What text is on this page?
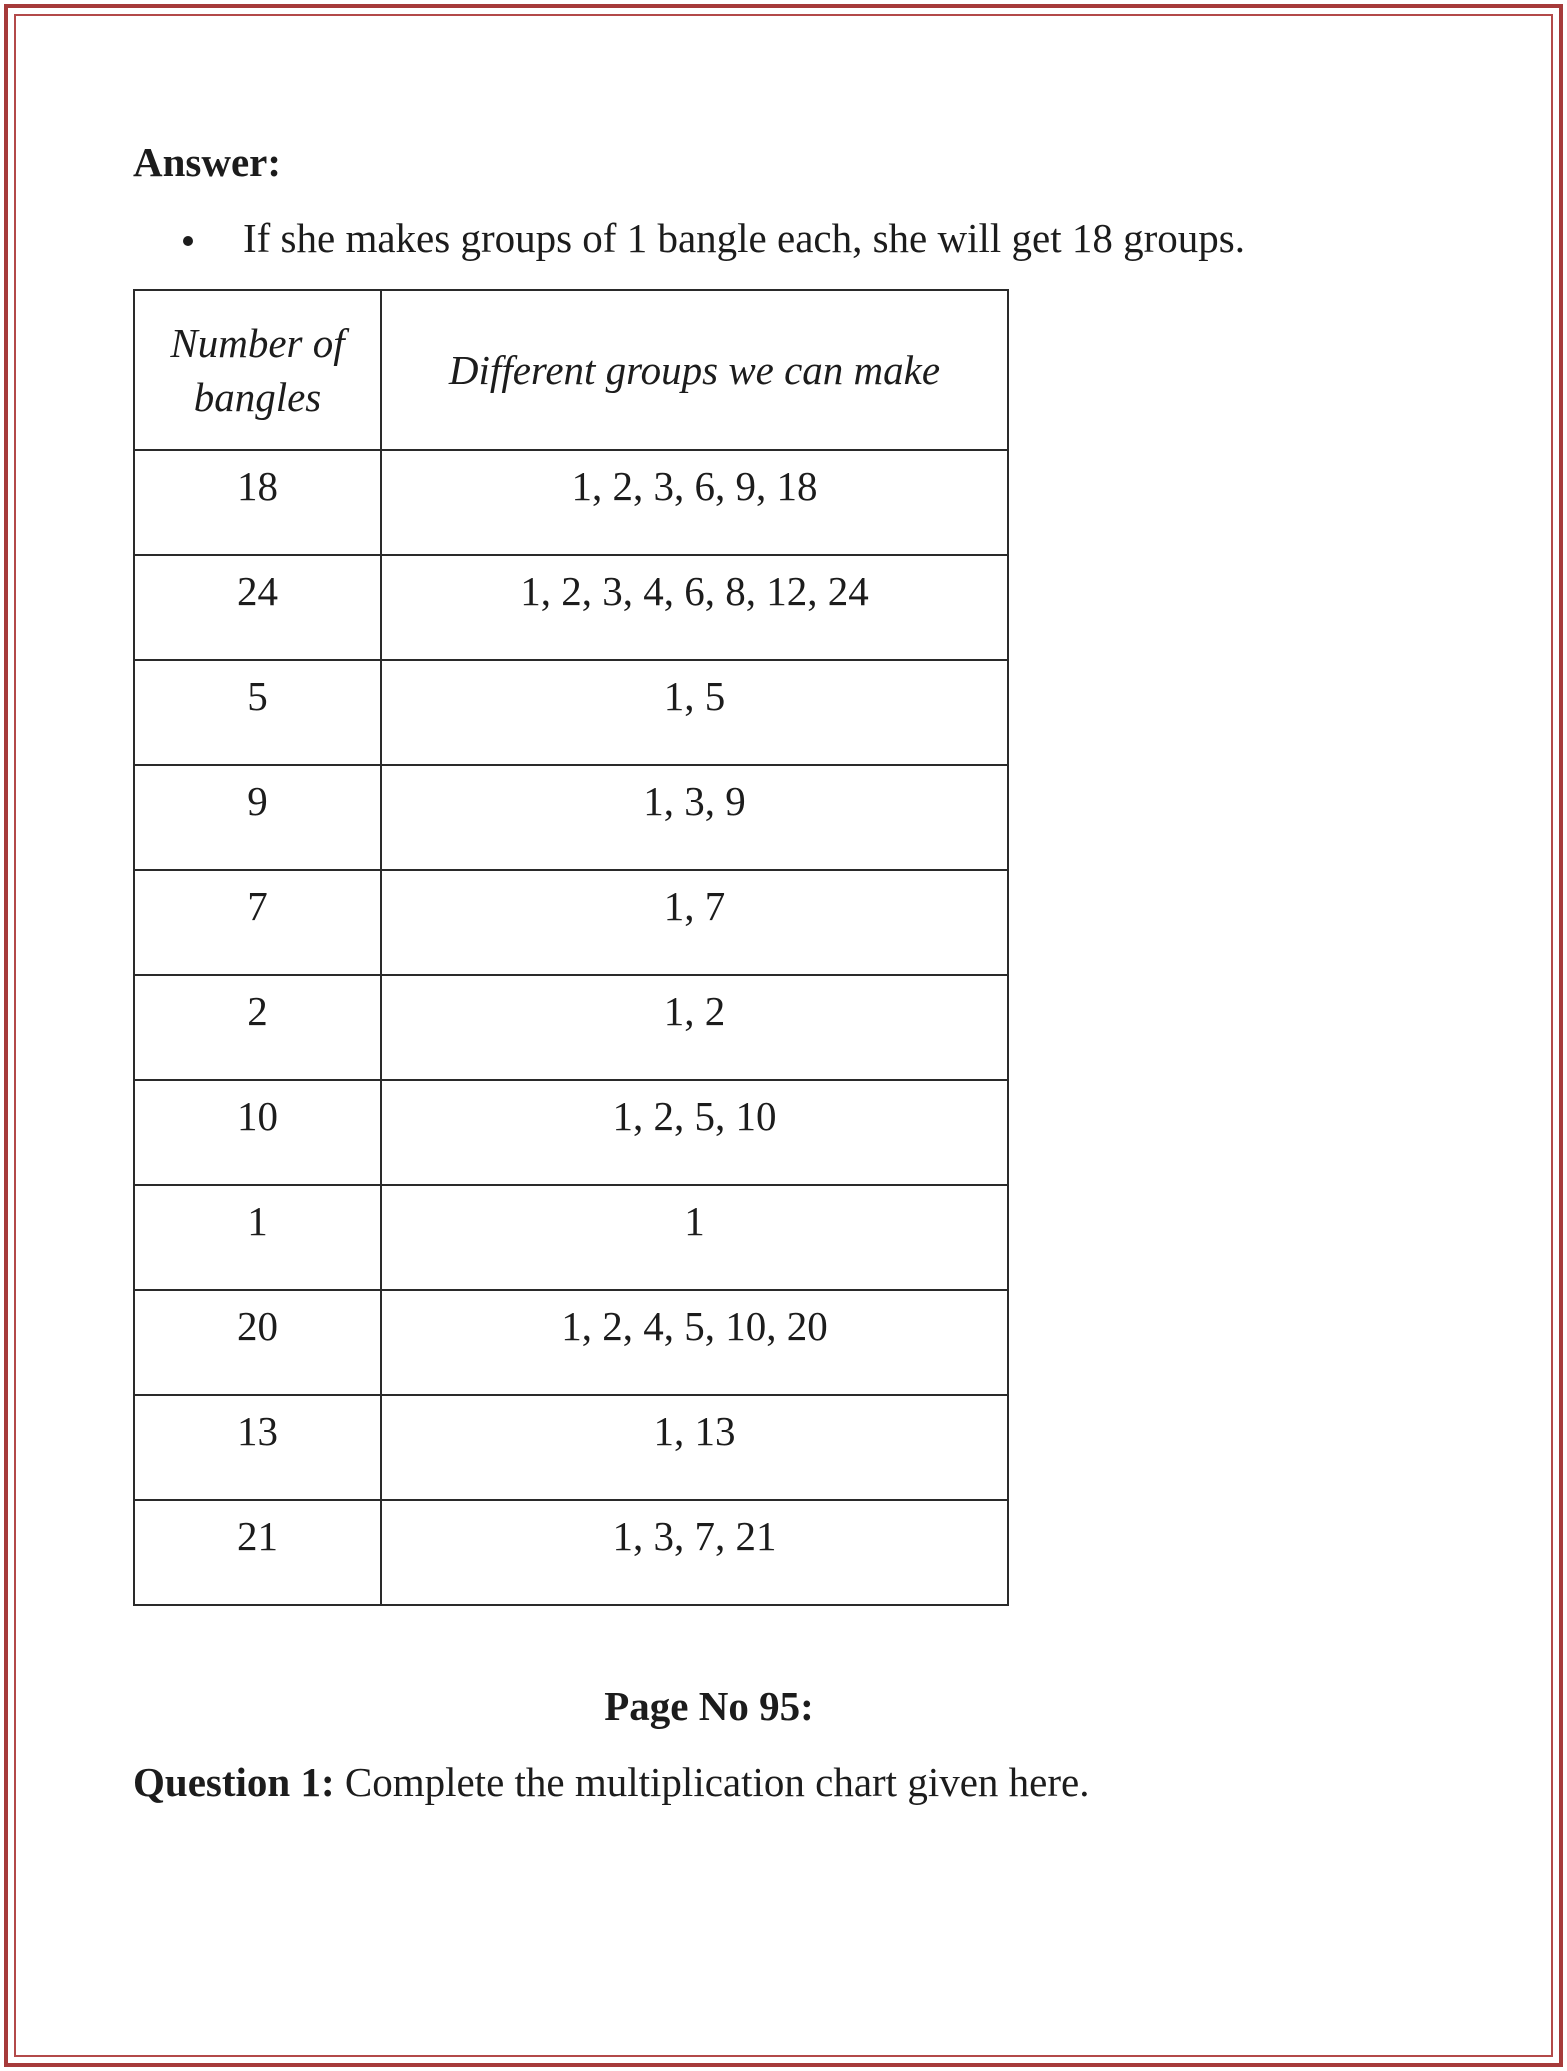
Answer:
If she makes groups of 1 bangle each, she will get 18 groups.
Number of bangles	Different groups we can make
18	1, 2, 3, 6, 9, 18
24	1, 2, 3, 4, 6, 8, 12, 24
5	1, 5
9	1, 3, 9
7	1, 7
2	1, 2
10	1, 2, 5, 10
1	1
20	1, 2, 4, 5, 10, 20
13	1, 13
21	1, 3, 7, 21
Page No 95:
Question 1: Complete the multiplication chart given here.
